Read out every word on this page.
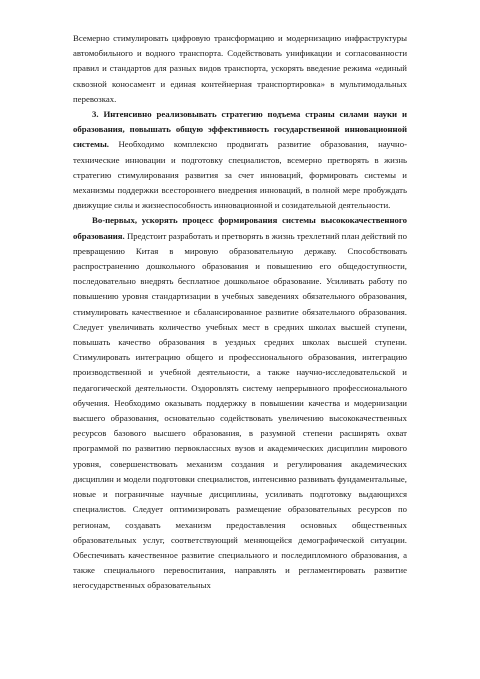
Всемерно стимулировать цифровую трансформацию и модернизацию инфраструктуры автомобильного и водного транспорта. Содействовать унификации и согласованности правил и стандартов для разных видов транспорта, ускорять введение режима «единый сквозной коносамент и единая контейнерная транспортировка» в мультимодальных перевозках.

3. Интенсивно реализовывать стратегию подъема страны силами науки и образования, повышать общую эффективность государственной инновационной системы. Необходимо комплексно продвигать развитие образования, научно-технические инновации и подготовку специалистов, всемерно претворять в жизнь стратегию стимулирования развития за счет инноваций, формировать системы и механизмы поддержки всестороннего внедрения инноваций, в полной мере пробуждать движущие силы и жизнеспособность инновационной и созидательной деятельности.

Во-первых, ускорять процесс формирования системы высококачественного образования. Предстоит разработать и претворять в жизнь трехлетний план действий по превращению Китая в мировую образовательную державу. Способствовать распространению дошкольного образования и повышению его общедоступности, последовательно внедрять бесплатное дошкольное образование. Усиливать работу по повышению уровня стандартизации в учебных заведениях обязательного образования, стимулировать качественное и сбалансированное развитие обязательного образования. Следует увеличивать количество учебных мест в средних школах высшей ступени, повышать качество образования в уездных средних школах высшей ступени. Стимулировать интеграцию общего и профессионального образования, интеграцию производственной и учебной деятельности, а также научно-исследовательской и педагогической деятельности. Оздоровлять систему непрерывного профессионального обучения. Необходимо оказывать поддержку в повышении качества и модернизации высшего образования, основательно содействовать увеличению высококачественных ресурсов базового высшего образования, в разумной степени расширять охват программой по развитию первоклассных вузов и академических дисциплин мирового уровня, совершенствовать механизм создания и регулирования академических дисциплин и модели подготовки специалистов, интенсивно развивать фундаментальные, новые и пограничные научные дисциплины, усиливать подготовку выдающихся специалистов. Следует оптимизировать размещение образовательных ресурсов по регионам, создавать механизм предоставления основных общественных образовательных услуг, соответствующий меняющейся демографической ситуации. Обеспечивать качественное развитие специального и последипломного образования, а также специального перевоспитания, направлять и регламентировать развитие негосударственных образовательных
